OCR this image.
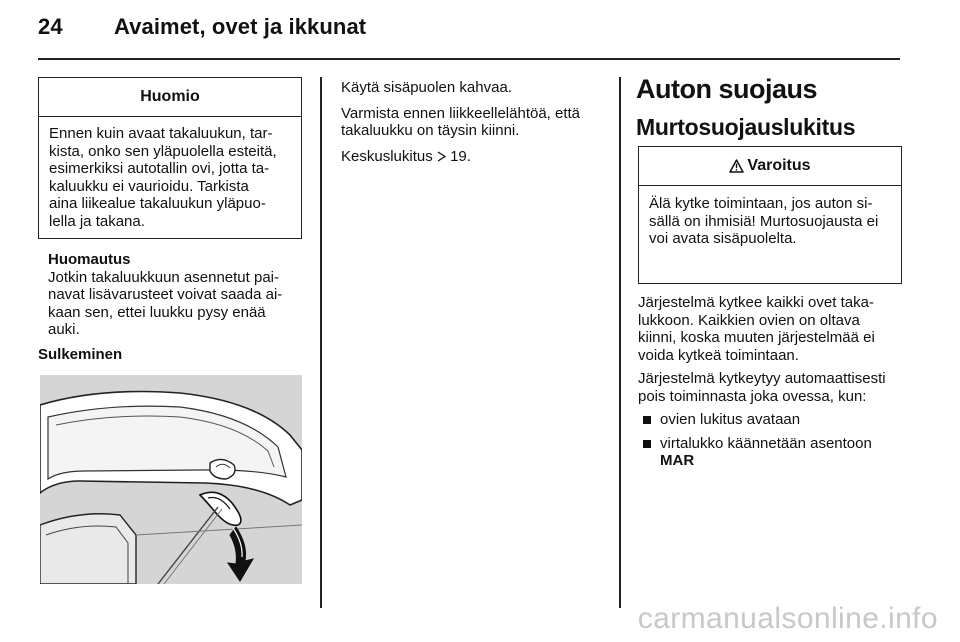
24 Avaimet, ovet ja ikkunat
Huomio
Ennen kuin avaat takaluukun, tar-
kista, onko sen yläpuolella esteitä,
esimerkiksi autotallin ovi, jotta ta-
kaluukku ei vaurioidu. Tarkista
aina liikealue takaluukun yläpuo-
lella ja takana.
Huomautus
Jotkin takaluukkuun asennetut pai-
navat lisävarusteet voivat saada ai-
kaan sen, ettei luukku pysy enää
auki.
Sulkeminen

Käytä sisäpuolen kahvaa.

Varmista ennen liikkeellelähtöä, että
takaluukku on täysin kiinni.

Keskuslukitus 19.

Auton suojaus
Murtosuojauslukitus
Varoitus
Älä kytke toimintaan, jos auton si-
sällä on ihmisiä! Murtosuojausta ei
voi avata sisäpuolelta.

Järjestelmä kytkee kaikki ovet taka-
lukkoon. Kaikkien ovien on oltava
kiinni, koska muuten järjestelmää ei
voida kytkeä toimintaan.

Järjestelmä kytkeytyy automaattisesti
pois toiminnasta joka ovessa, kun:

ovien lukitus avataan
virtalukko käännetään asentoon
MAR
carmanualsonline.info
